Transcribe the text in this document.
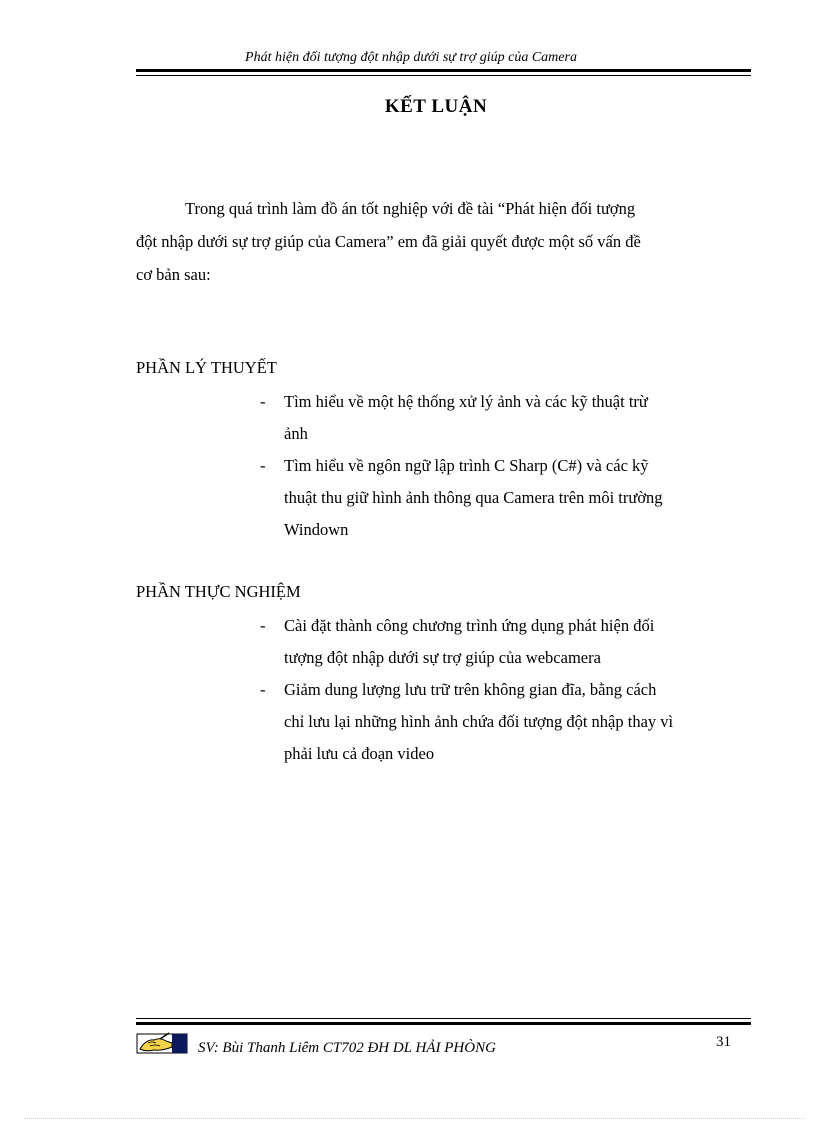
Phát hiện đối tượng đột nhập dưới sự trợ giúp của Camera
KẾT LUẬN
Trong quá trình làm đồ án tốt nghiệp với đề tài “Phát hiện đối tượng
đột nhập dưới sự trợ giúp của Camera” em đã giải quyết được một số vấn đề
cơ bản sau:
PHẦN LÝ THUYẾT
- Tìm hiểu về một hệ thống xử lý ảnh và các kỹ thuật trừ
ảnh
- Tìm hiểu về ngôn ngữ lập trình C Sharp (C#) và các kỹ
thuật thu giữ hình ảnh thông qua Camera trên môi trường
Windown
PHẦN THỰC NGHIỆM
- Cài đặt thành công chương trình ứng dụng phát hiện đối
tượng đột nhập dưới sự trợ giúp của webcamera
- Giảm dung lượng lưu trữ trên không gian đĩa, bằng cách
chỉ lưu lại những hình ảnh chứa đối tượng đột nhập thay vì
phải lưu cả đoạn video
SV: Bùi Thanh Liêm CT702 ĐH DL HẢI PHÒNG	31
